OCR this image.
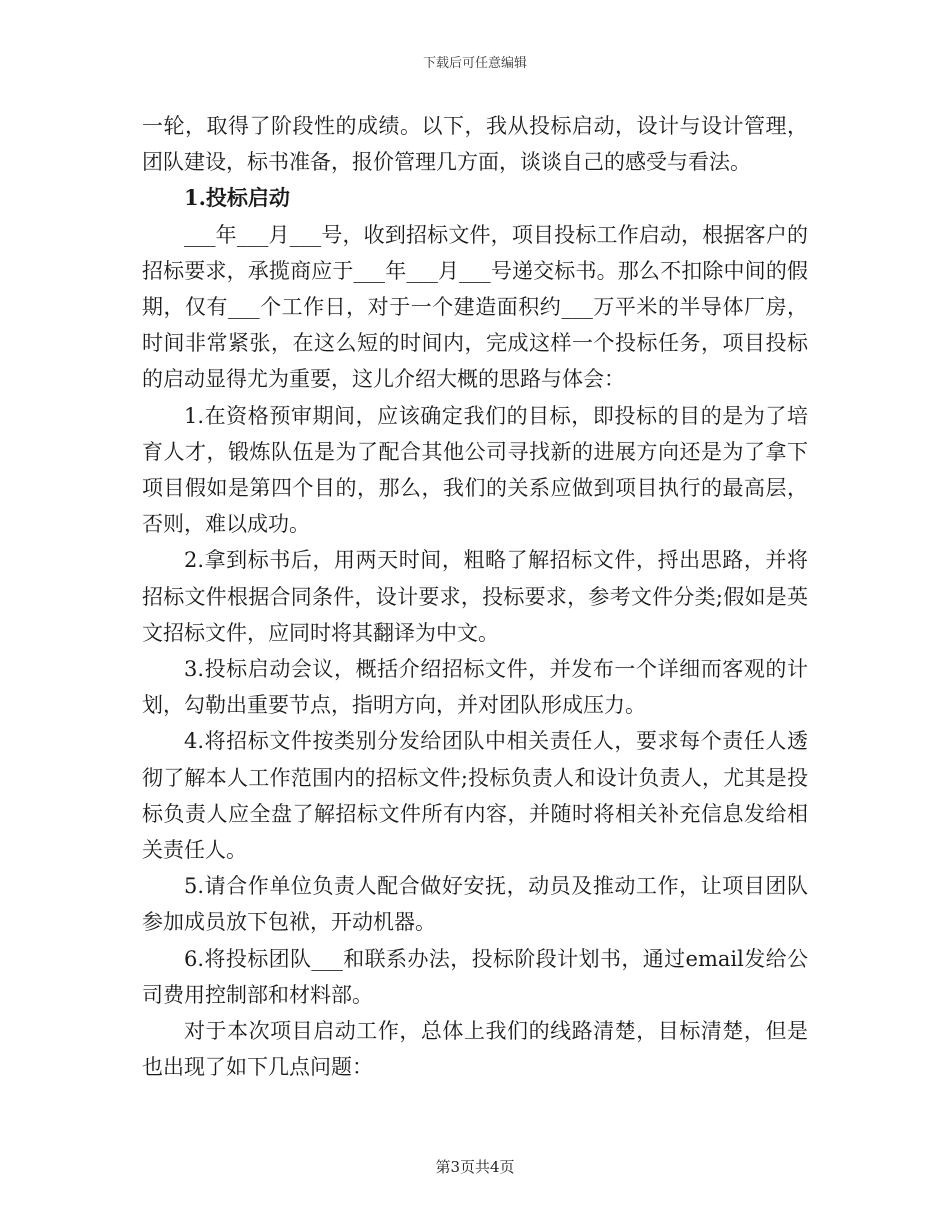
下载后可任意编辑

一轮，取得了阶段性的成绩。以下，我从投标启动，设计与设计管理，团队建设，标书准备，报价管理几方面，谈谈自己的感受与看法。

1.投标启动

___年___月___号，收到招标文件，项目投标工作启动，根据客户的招标要求，承揽商应于___年___月___号递交标书。那么不扣除中间的假期，仅有___个工作日，对于一个建造面积约___万平米的半导体厂房，时间非常紧张，在这么短的时间内，完成这样一个投标任务，项目投标的启动显得尤为重要，这儿介绍大概的思路与体会：

1.在资格预审期间，应该确定我们的目标，即投标的目的是为了培育人才，锻炼队伍是为了配合其他公司寻找新的进展方向还是为了拿下项目假如是第四个目的，那么，我们的关系应做到项目执行的最高层，否则，难以成功。

2.拿到标书后，用两天时间，粗略了解招标文件，捋出思路，并将招标文件根据合同条件，设计要求，投标要求，参考文件分类;假如是英文招标文件，应同时将其翻译为中文。

3.投标启动会议，概括介绍招标文件，并发布一个详细而客观的计划，勾勒出重要节点，指明方向，并对团队形成压力。

4.将招标文件按类别分发给团队中相关责任人，要求每个责任人透彻了解本人工作范围内的招标文件;投标负责人和设计负责人，尤其是投标负责人应全盘了解招标文件所有内容，并随时将相关补充信息发给相关责任人。

5.请合作单位负责人配合做好安抚，动员及推动工作，让项目团队参加成员放下包袱，开动机器。

6.将投标团队___和联系办法，投标阶段计划书，通过email发给公司费用控制部和材料部。

对于本次项目启动工作，总体上我们的线路清楚，目标清楚，但是也出现了如下几点问题：

第3页共4页
